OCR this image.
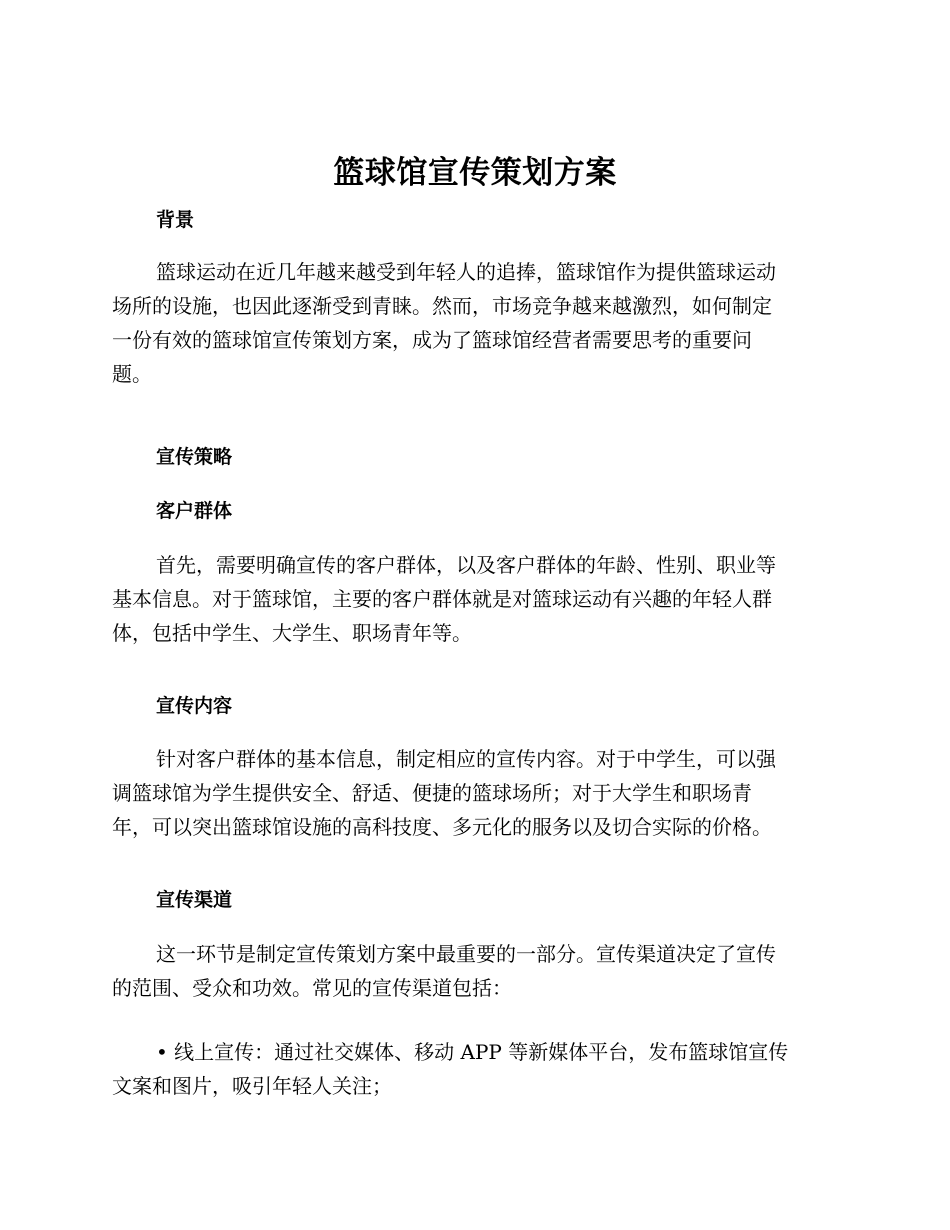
篮球馆宣传策划方案
背景

篮球运动在近几年越来越受到年轻人的追捧，篮球馆作为提供篮球运动
场所的设施，也因此逐渐受到青睐。然而，市场竞争越来越激烈，如何制定
一份有效的篮球馆宣传策划方案，成为了篮球馆经营者需要思考的重要问
题。

宣传策略
客户群体

首先，需要明确宣传的客户群体，以及客户群体的年龄、性别、职业等
基本信息。对于篮球馆，主要的客户群体就是对篮球运动有兴趣的年轻人群
体，包括中学生、大学生、职场青年等。

宣传内容

针对客户群体的基本信息，制定相应的宣传内容。对于中学生，可以强
调篮球馆为学生提供安全、舒适、便捷的篮球场所；对于大学生和职场青
年，可以突出篮球馆设施的高科技度、多元化的服务以及切合实际的价格。

宣传渠道

这一环节是制定宣传策划方案中最重要的一部分。宣传渠道决定了宣传
的范围、受众和功效。常见的宣传渠道包括：

• 线上宣传：通过社交媒体、移动 APP 等新媒体平台，发布篮球馆宣传
文案和图片，吸引年轻人关注；
